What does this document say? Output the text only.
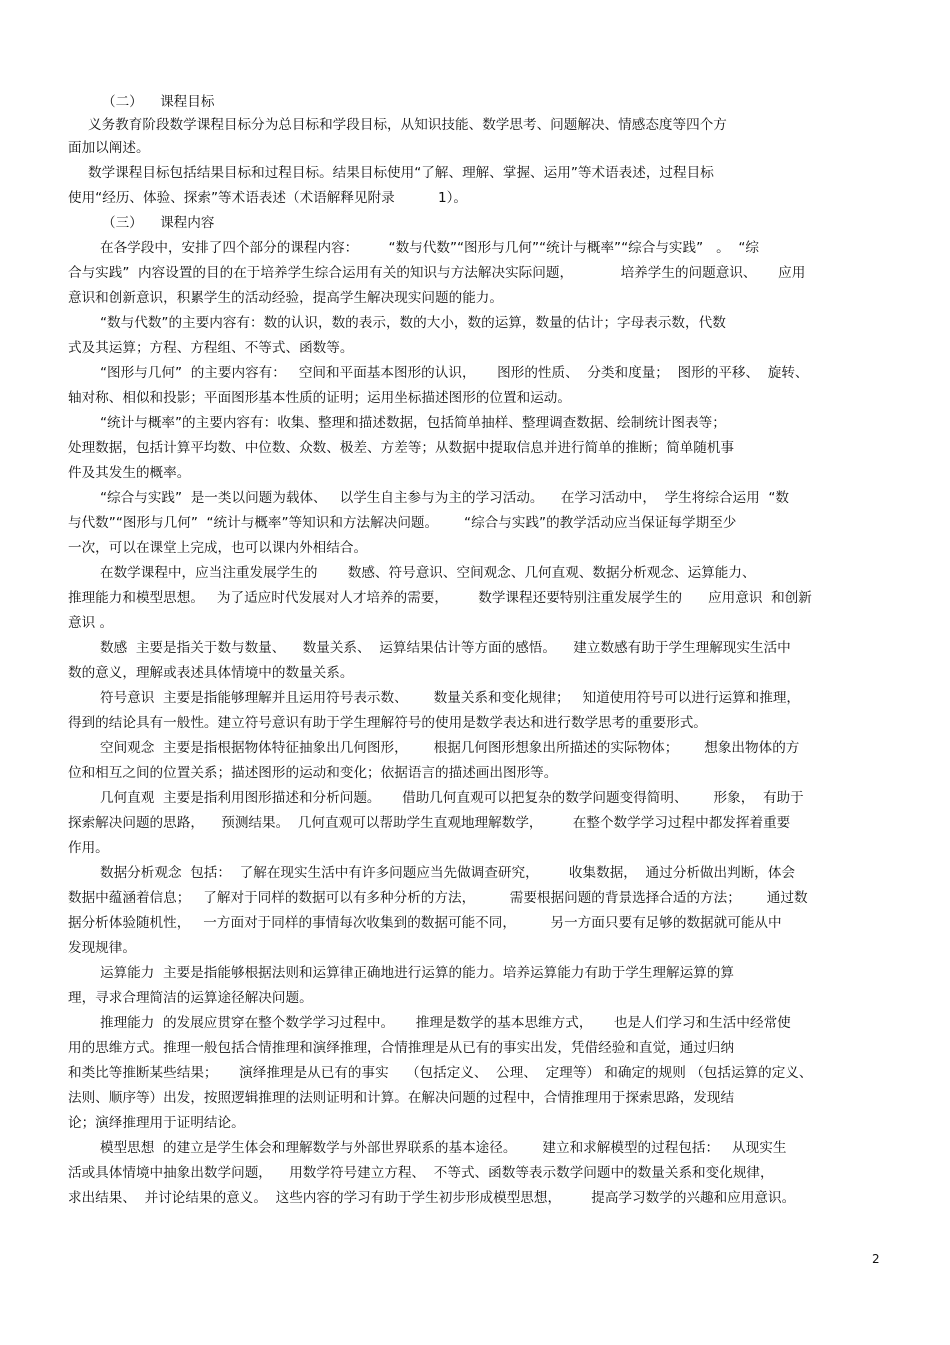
（二）    课程目标
义务教育阶段数学课程目标分为总目标和学段目标，从知识技能、数学思考、问题解决、情感态度等四个方
面加以阐述。
数学课程目标包括结果目标和过程目标。结果目标使用“了解、理解、掌握、运用”等术语表述，过程目标
使用“经历、体验、探索”等术语表述（术语解释见附录          1）。
（三）    课程内容
在各学段中，安排了四个部分的课程内容：       “数与代数”“图形与几何”“统计与概率”“综合与实践”   。  “综
合与实践”  内容设置的目的在于培养学生综合运用有关的知识与方法解决实际问题，           培养学生的问题意识、     应用
意识和创新意识，积累学生的活动经验，提高学生解决现实问题的能力。
“数与代数”的主要内容有：数的认识，数的表示，数的大小，数的运算，数量的估计；字母表示数，代数
式及其运算；方程、方程组、不等式、函数等。
“图形与几何”  的主要内容有：   空间和平面基本图形的认识，     图形的性质、  分类和度量；  图形的平移、  旋转、
轴对称、相似和投影；平面图形基本性质的证明；运用坐标描述图形的位置和运动。
“统计与概率”的主要内容有：收集、整理和描述数据，包括简单抽样、整理调查数据、绘制统计图表等；
处理数据，包括计算平均数、中位数、众数、极差、方差等；从数据中提取信息并进行简单的推断；简单随机事
件及其发生的概率。
“综合与实践”  是一类以问题为载体、   以学生自主参与为主的学习活动。    在学习活动中，  学生将综合运用  “数
与代数”“图形与几何”  “统计与概率”等知识和方法解决问题。      “综合与实践”的教学活动应当保证每学期至少
一次，可以在课堂上完成，也可以课内外相结合。
在数学课程中，应当注重发展学生的       数感、符号意识、空间观念、几何直观、数据分析观念、运算能力、
推理能力和模型思想。   为了适应时代发展对人才培养的需要，       数学课程还要特别注重发展学生的      应用意识  和创新
意识 。
数感  主要是指关于数与数量、    数量关系、  运算结果估计等方面的感悟。    建立数感有助于学生理解现实生活中
数的意义，理解或表述具体情境中的数量关系。
符号意识  主要是指能够理解并且运用符号表示数、      数量关系和变化规律；   知道使用符号可以进行运算和推理，
得到的结论具有一般性。建立符号意识有助于学生理解符号的使用是数学表达和进行数学思考的重要形式。
空间观念  主要是指根据物体特征抽象出几何图形，      根据几何图形想象出所描述的实际物体；      想象出物体的方
位和相互之间的位置关系；描述图形的运动和变化；依据语言的描述画出图形等。
几何直观  主要是指利用图形描述和分析问题。     借助几何直观可以把复杂的数学问题变得简明、      形象，  有助于
探索解决问题的思路，    预测结果。  几何直观可以帮助学生直观地理解数学，       在整个数学学习过程中都发挥着重要
作用。
数据分析观念  包括：  了解在现实生活中有许多问题应当先做调查研究，       收集数据，  通过分析做出判断，体会
数据中蕴涵着信息；   了解对于同样的数据可以有多种分析的方法，        需要根据问题的背景选择合适的方法；      通过数
据分析体验随机性，   一方面对于同样的事情每次收集到的数据可能不同，        另一方面只要有足够的数据就可能从中
发现规律。
运算能力  主要是指能够根据法则和运算律正确地进行运算的能力。培养运算能力有助于学生理解运算的算
理，寻求合理简洁的运算途径解决问题。
推理能力  的发展应贯穿在整个数学学习过程中。     推理是数学的基本思维方式，     也是人们学习和生活中经常使
用的思维方式。推理一般包括合情推理和演绎推理，合情推理是从已有的事实出发，凭借经验和直觉，通过归纳
和类比等推断某些结果；     演绎推理是从已有的事实    （包括定义、  公理、  定理等） 和确定的规则 （包括运算的定义、
法则、顺序等）出发，按照逻辑推理的法则证明和计算。在解决问题的过程中，合情推理用于探索思路，发现结
论；演绎推理用于证明结论。
模型思想  的建立是学生体会和理解数学与外部世界联系的基本途径。      建立和求解模型的过程包括：   从现实生
活或具体情境中抽象出数学问题，    用数学符号建立方程、  不等式、函数等表示数学问题中的数量关系和变化规律，
求出结果、  并讨论结果的意义。  这些内容的学习有助于学生初步形成模型思想，       提高学习数学的兴趣和应用意识。
2
